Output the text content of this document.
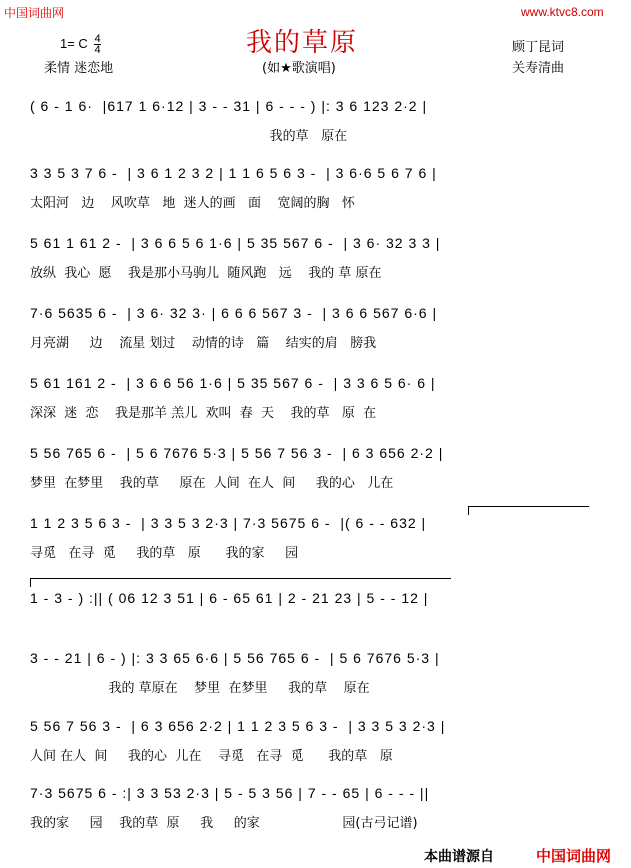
中国词曲网	www.ktvc8.com
我的草原
1= C $\frac{4}{4}$
柔情 迷恋地	(如★歌演唱)
顾丁昆词
关寿清曲
( 6 - 1 6·  |617 1 6·12 | 3 - - 31 | 6 - - - ) |: 3 6 123 2·2 |
我的草   原在
3 3 5 3 7 6 -  | 3 6 1 2 3 2 | 1 1 6 5 6 3 -  | 3 6·6 5 6 7 6 |
太阳河   边    风吹草   地  迷人的画   面    宽阔的胸   怀
5 61 1 61 2 -  | 3 6 6 5 6 1·6 | 5 35 567 6 -  | 3 6· 32 3 3 |
放纵  我心  愿    我是那小马驹儿  随风跑   远    我的 草 原在
7·6 5635 6 -  | 3 6· 32 3· | 6 6 6 567 3 -  | 3 6 6 567 6·6 |
月亮湖     边    流星 划过    动情的诗   篇    结实的肩   膀我
5 61 161 2 -  | 3 6 6 56 1·6 | 5 35 567 6 -  | 3 3 6 5 6· 6 |
深深  迷  恋    我是那羊 羔儿  欢叫  春  天    我的草   原  在
5 56 765 6 -  | 5 6 7676 5·3 | 5 56 7 56 3 -  | 6 3 656 2·2 |
梦里  在梦里    我的草     原在  人间  在人  间     我的心   儿在
1 1 2 3 5 6 3 -  | 3 3 5 3 2·3 | 7·3 5675 6 -  |( 6 - - 632 |
寻觅   在寻  觅     我的草   原      我的家     园
1 - 3 - ) :|| ( 06 12 3 51 | 6 - 65 61 | 2 - 21 23 | 5 - - 12 |
3 - - 21 | 6 - ) |: 3 3 65 6·6 | 5 56 765 6 -  | 5 6 7676 5·3 |
我的 草原在    梦里  在梦里     我的草    原在
5 56 7 56 3 -  | 6 3 656 2·2 | 1 1 2 3 5 6 3 -  | 3 3 5 3 2·3 |
人间 在人  间     我的心  儿在    寻觅   在寻  觅      我的草   原
7·3 5675 6 - :| 3 3 53 2·3 | 5 - 5 3 56 | 7 - - 65 | 6 - - - ||
我的家     园    我的草  原     我     的家                    园(古弓记谱)
本曲谱源自	中国词曲网
